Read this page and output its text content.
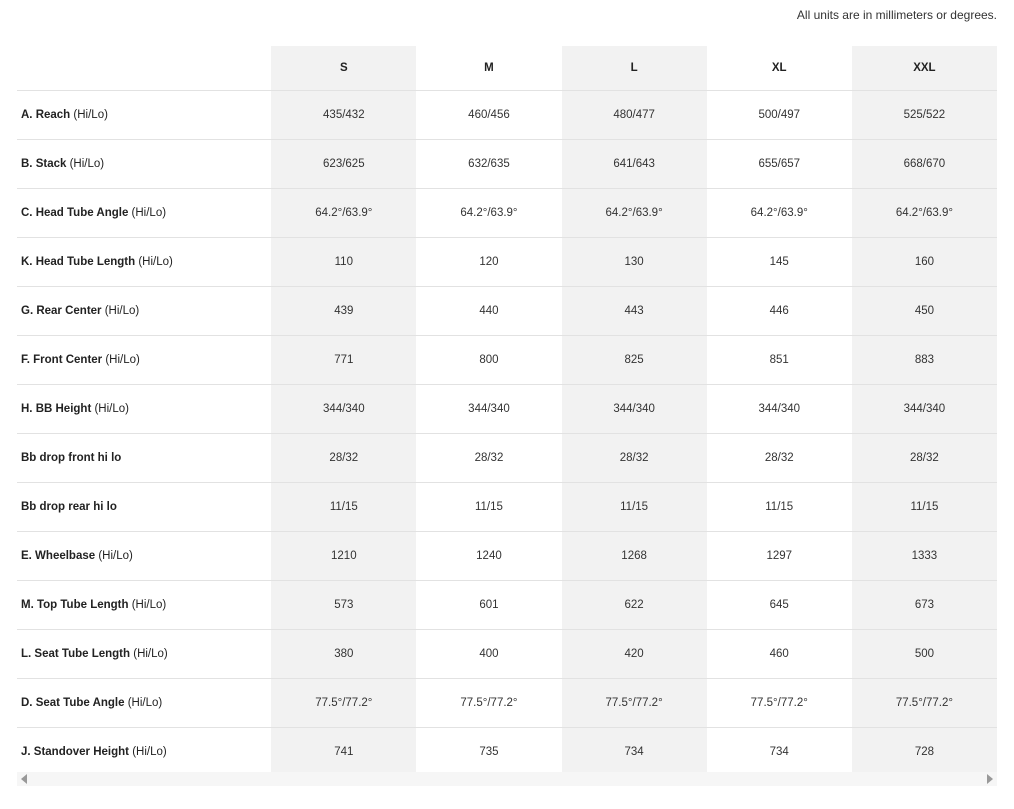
All units are in millimeters or degrees.
	S	M	L	XL	XXL
A. Reach (Hi/Lo)	435/432	460/456	480/477	500/497	525/522
B. Stack (Hi/Lo)	623/625	632/635	641/643	655/657	668/670
C. Head Tube Angle (Hi/Lo)	64.2°/63.9°	64.2°/63.9°	64.2°/63.9°	64.2°/63.9°	64.2°/63.9°
K. Head Tube Length (Hi/Lo)	110	120	130	145	160
G. Rear Center (Hi/Lo)	439	440	443	446	450
F. Front Center (Hi/Lo)	771	800	825	851	883
H. BB Height (Hi/Lo)	344/340	344/340	344/340	344/340	344/340
Bb drop front hi lo	28/32	28/32	28/32	28/32	28/32
Bb drop rear hi lo	11/15	11/15	11/15	11/15	11/15
E. Wheelbase (Hi/Lo)	1210	1240	1268	1297	1333
M. Top Tube Length (Hi/Lo)	573	601	622	645	673
L. Seat Tube Length (Hi/Lo)	380	400	420	460	500
D. Seat Tube Angle (Hi/Lo)	77.5°/77.2°	77.5°/77.2°	77.5°/77.2°	77.5°/77.2°	77.5°/77.2°
J. Standover Height (Hi/Lo)	741	735	734	734	728
